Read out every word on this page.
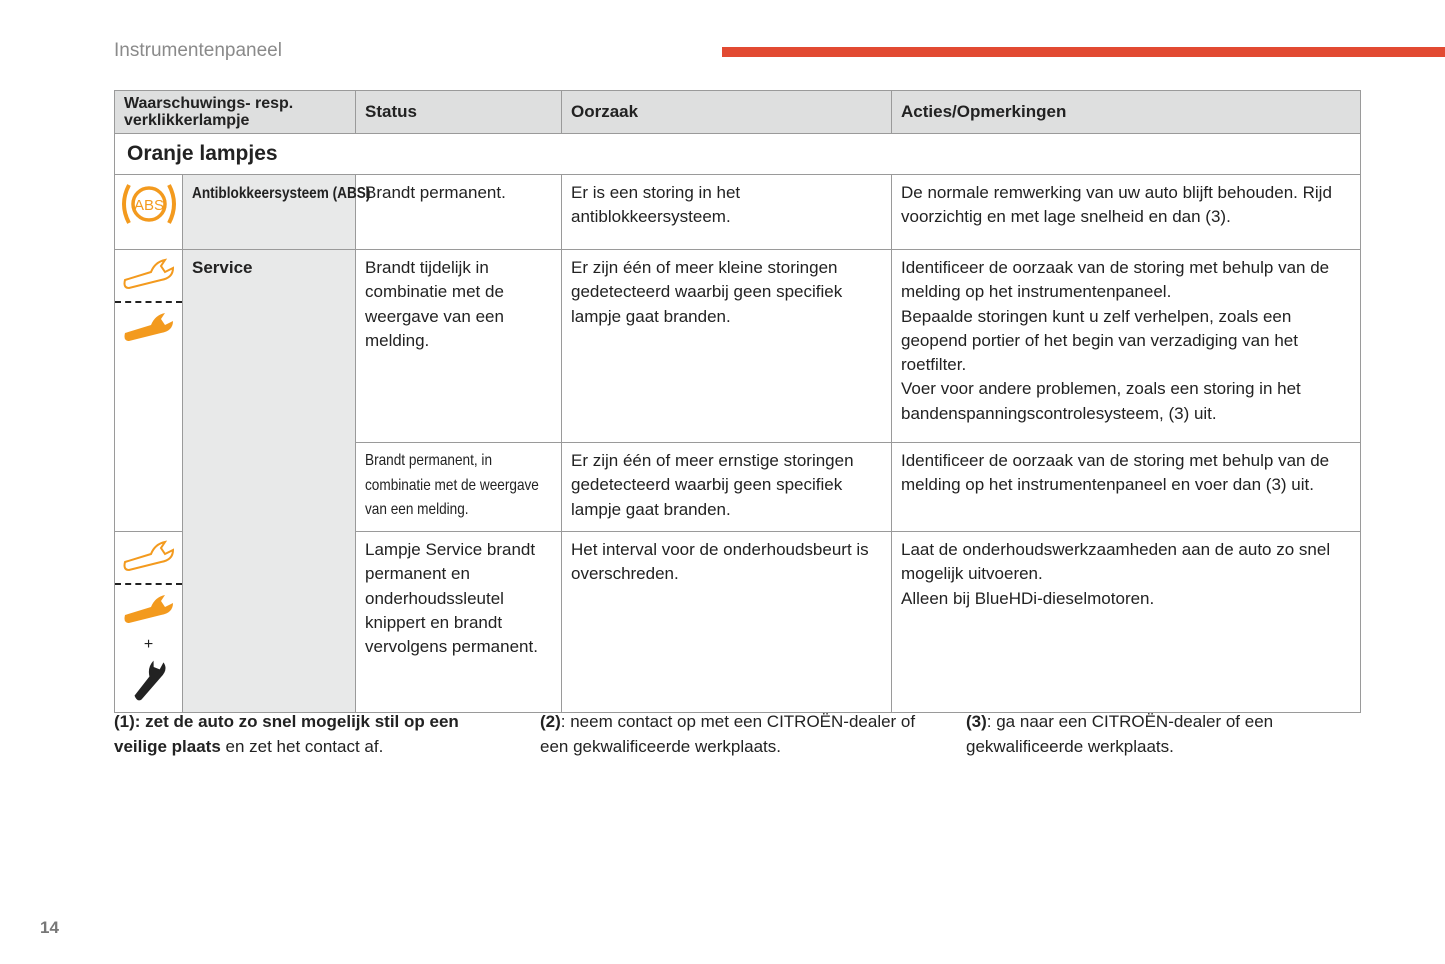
Instrumentenpaneel
Waarschuwings- resp. verklikkerlampje		Status	Oorzaak	Acties/Opmerkingen
Oranje lampjes				

ABS	Antiblokkeersysteem (ABS)	Brandt permanent.	Er is een storing in het antiblokkeersysteem.	De normale remwerking van uw auto blijft behouden. Rijd voorzichtig en met lage snelheid en dan (3).

	Service	Brandt tijdelijk in combinatie met de weergave van een melding.	Er zijn één of meer kleine storingen gedetecteerd waarbij geen specifiek lampje gaat branden.	Identificeer de oorzaak van de storing met behulp van de melding op het instrumentenpaneel.
Bepaalde storingen kunt u zelf verhelpen, zoals een geopend portier of het begin van verzadiging van het roetfilter.
Voer voor andere problemen, zoals een storing in het bandenspanningscontrolesysteem, (3) uit.

		Brandt permanent, in combinatie met de weergave van een melding.	Er zijn één of meer ernstige storingen gedetecteerd waarbij geen specifiek lampje gaat branden.	Identificeer de oorzaak van de storing met behulp van de melding op het instrumentenpaneel en voer dan (3) uit.

+		Lampje Service brandt permanent en onderhoudssleutel knippert en brandt vervolgens permanent.	Het interval voor de onderhoudsbeurt is overschreden.	Laat de onderhoudswerkzaamheden aan de auto zo snel mogelijk uitvoeren.
Alleen bij BlueHDi-dieselmotoren.
(1): zet de auto zo snel mogelijk stil op een veilige plaats en zet het contact af.
(2): neem contact op met een CITROËN-dealer of een gekwalificeerde werkplaats.
(3): ga naar een CITROËN-dealer of een gekwalificeerde werkplaats.
14
